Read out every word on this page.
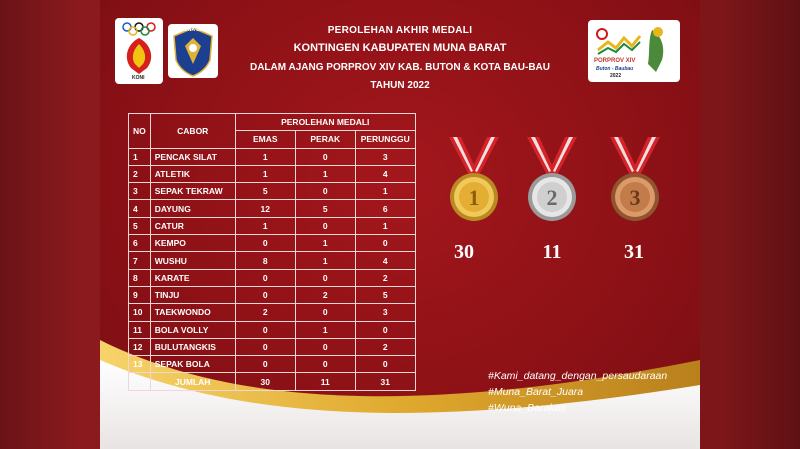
KONI
MUNA BARAT
PORPROV XIV
Buton - Baubau
2022
PEROLEHAN AKHIR MEDALI
KONTINGEN KABUPATEN MUNA BARAT
DALAM AJANG PORPROV XIV KAB. BUTON & KOTA BAU-BAU
TAHUN 2022
NO	CABOR	PEROLEHAN MEDALI		
		EMAS	PERAK	PERUNGGU
1	PENCAK SILAT	1	0	3
2	ATLETIK	1	1	4
3	SEPAK TEKRAW	5	0	1
4	DAYUNG	12	5	6
5	CATUR	1	0	1
6	KEMPO	0	1	0
7	WUSHU	8	1	4
8	KARATE	0	0	2
9	TINJU	0	2	5
10	TAEKWONDO	2	0	3
11	BOLA VOLLY	0	1	0
12	BULUTANGKIS	0	0	2
13	SEPAK BOLA	0	0	0
	JUMLAH	30	11	31
1
30
2
11
3
31
#Kami_datang_dengan_persaudaraan
#Muna_Barat_Juara
#Wuna_Barakati
